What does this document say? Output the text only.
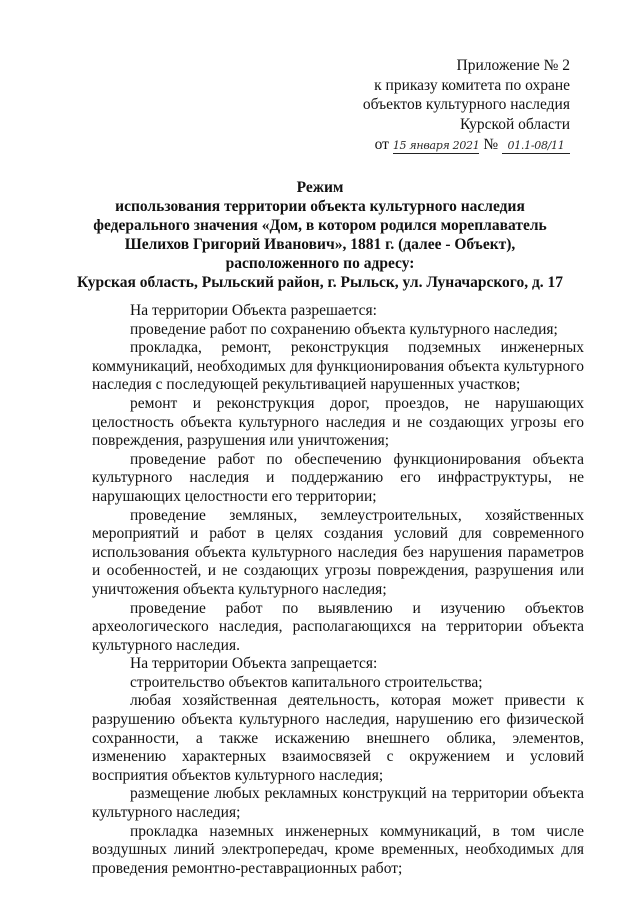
Приложение № 2
к приказу комитета по охране
объектов культурного наследия
Курской области
от 15 января 2021 № 01.1-08/11
Режим
использования территории объекта культурного наследия
федерального значения «Дом, в котором родился мореплаватель
Шелихов Григорий Иванович», 1881 г. (далее - Объект),
расположенного по адресу:
Курская область, Рыльский район, г. Рыльск, ул. Луначарского, д. 17

На территории Объекта разрешается:

проведение работ по сохранению объекта культурного наследия;

прокладка, ремонт, реконструкция подземных инженерных коммуникаций, необходимых для функционирования объекта культурного наследия с последующей рекультивацией нарушенных участков;

ремонт и реконструкция дорог, проездов, не нарушающих целостность объекта культурного наследия и не создающих угрозы его повреждения, разрушения или уничтожения;

проведение работ по обеспечению функционирования объекта культурного наследия и поддержанию его инфраструктуры, не нарушающих целостности его территории;

проведение земляных, землеустроительных, хозяйственных мероприятий и работ в целях создания условий для современного использования объекта культурного наследия без нарушения параметров и особенностей, и не создающих угрозы повреждения, разрушения или уничтожения объекта культурного наследия;

проведение работ по выявлению и изучению объектов археологического наследия, располагающихся на территории объекта культурного наследия.

На территории Объекта запрещается:

строительство объектов капитального строительства;

любая хозяйственная деятельность, которая может привести к разрушению объекта культурного наследия, нарушению его физической сохранности, а также искажению внешнего облика, элементов, изменению характерных взаимосвязей с окружением и условий восприятия объектов культурного наследия;

размещение любых рекламных конструкций на территории объекта культурного наследия;

прокладка наземных инженерных коммуникаций, в том числе воздушных линий электропередач, кроме временных, необходимых для проведения ремонтно-реставрационных работ;
